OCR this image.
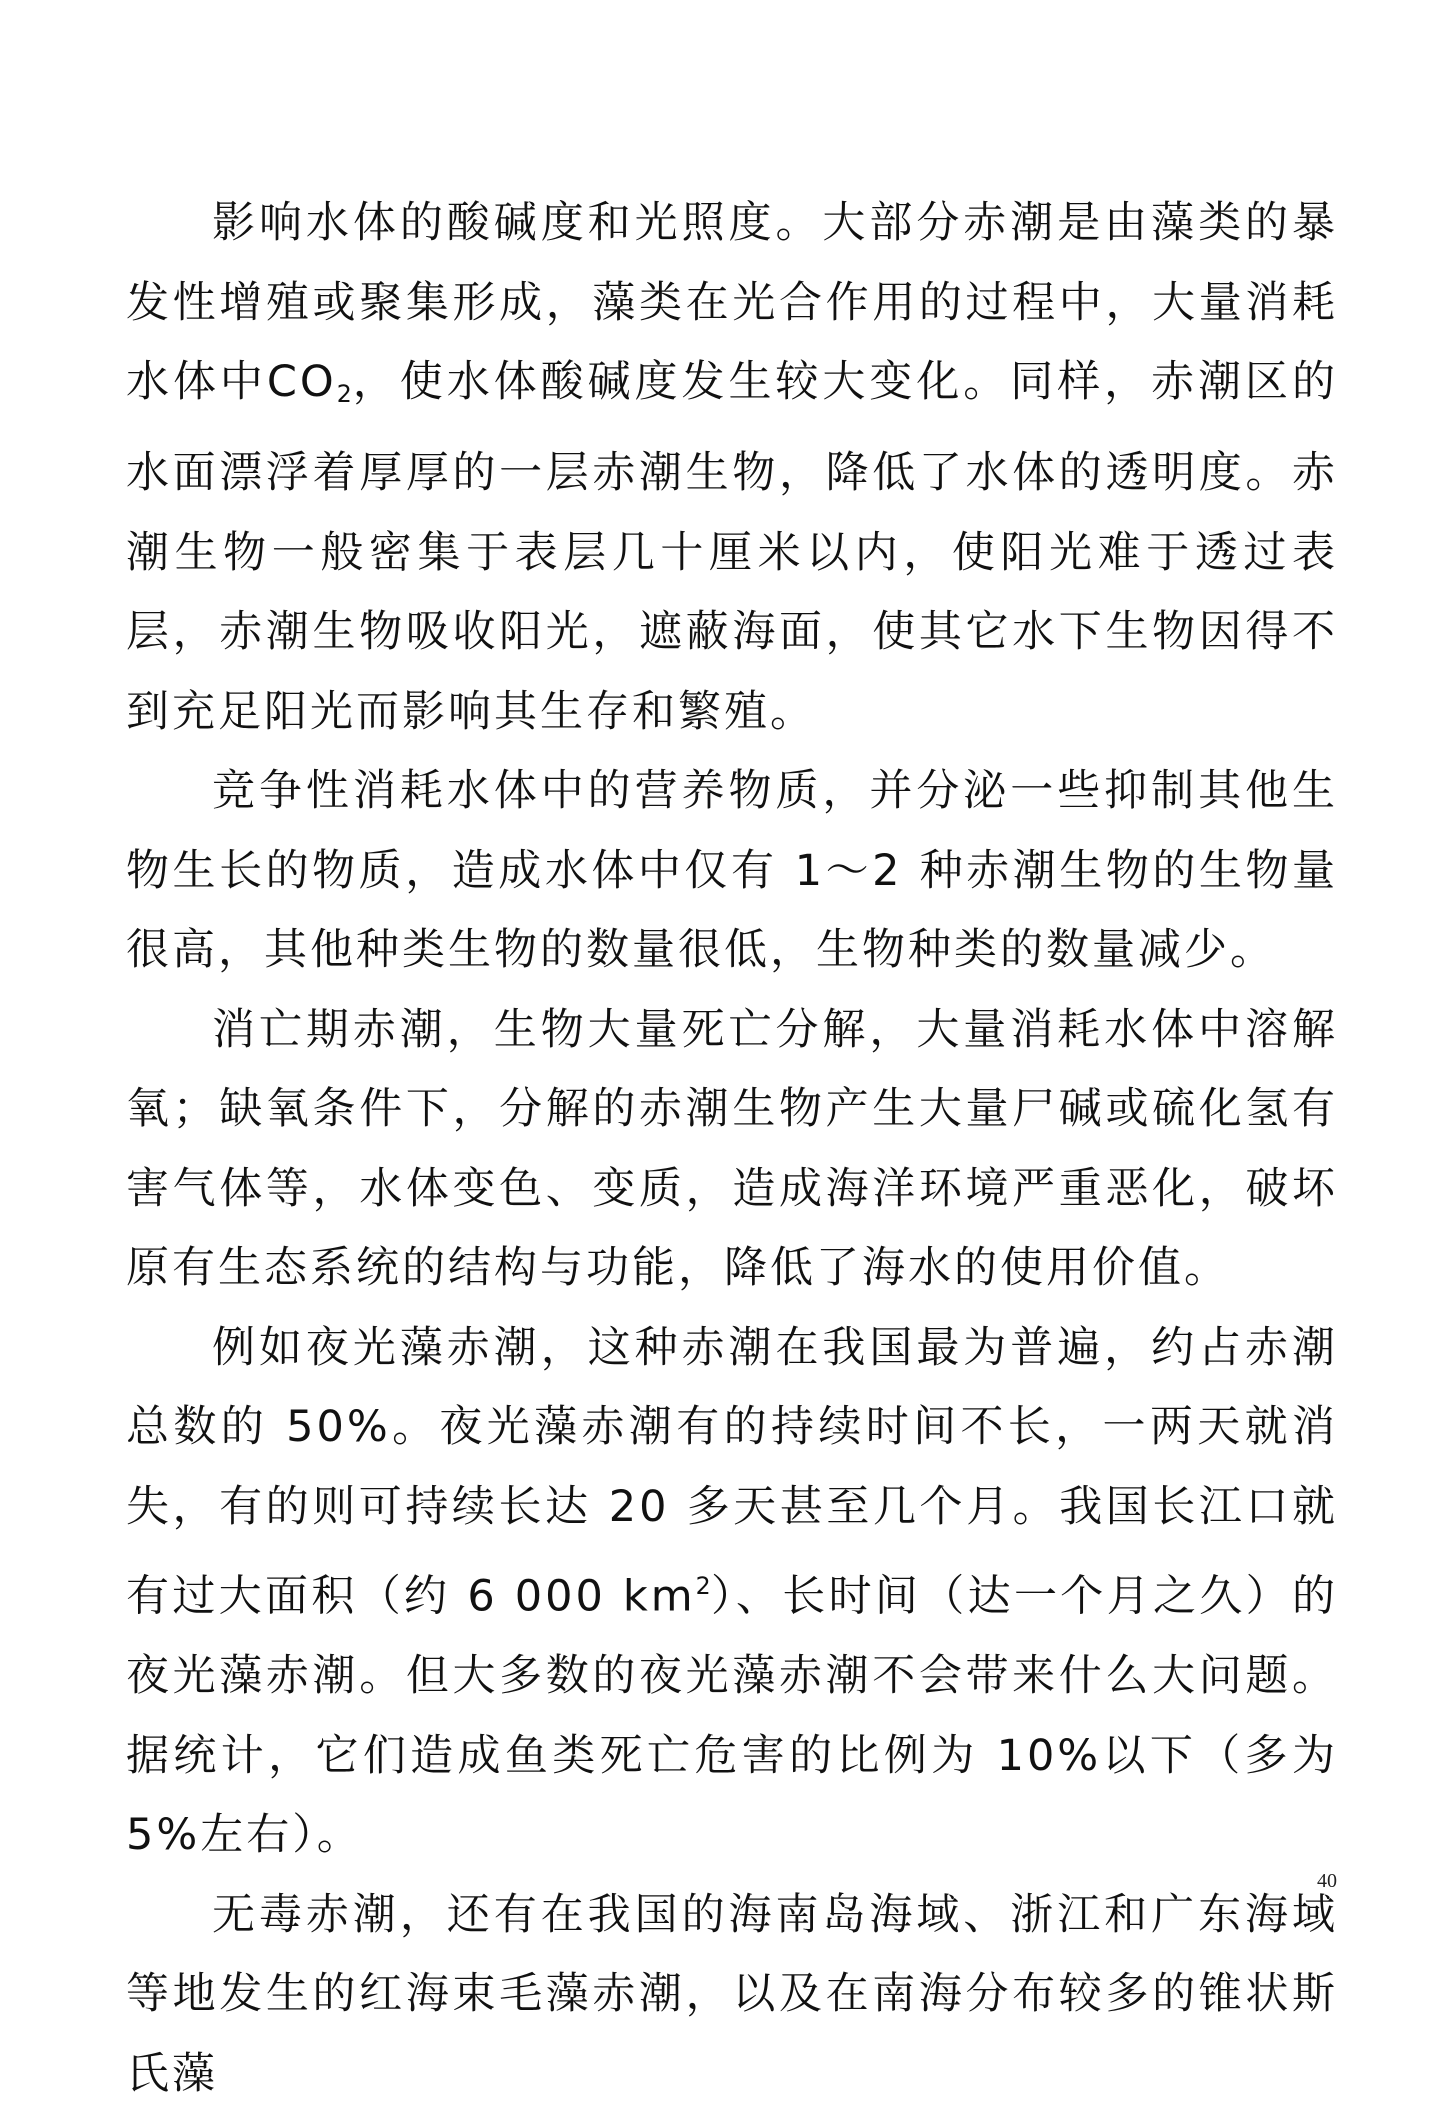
影响水体的酸碱度和光照度。大部分赤潮是由藻类的暴发性增殖或聚集形成，藻类在光合作用的过程中，大量消耗水体中$CO_2$，使水体酸碱度发生较大变化。同样，赤潮区的水面漂浮着厚厚的一层赤潮生物，降低了水体的透明度。赤潮生物一般密集于表层几十厘米以内，使阳光难于透过表层，赤潮生物吸收阳光，遮蔽海面，使其它水下生物因得不到充足阳光而影响其生存和繁殖。

竞争性消耗水体中的营养物质，并分泌一些抑制其他生物生长的物质，造成水体中仅有 1～2 种赤潮生物的生物量很高，其他种类生物的数量很低，生物种类的数量减少。

消亡期赤潮，生物大量死亡分解，大量消耗水体中溶解氧；缺氧条件下，分解的赤潮生物产生大量尸碱或硫化氢有害气体等，水体变色、变质，造成海洋环境严重恶化，破坏原有生态系统的结构与功能，降低了海水的使用价值。

例如夜光藻赤潮，这种赤潮在我国最为普遍，约占赤潮总数的 50%。夜光藻赤潮有的持续时间不长，一两天就消失，有的则可持续长达 20 多天甚至几个月。我国长江口就有过大面积（约 6 000 $km^2$）、长时间（达一个月之久）的夜光藻赤潮。但大多数的夜光藻赤潮不会带来什么大问题。据统计，它们造成鱼类死亡危害的比例为 10%以下（多为 5%左右）。

无毒赤潮，还有在我国的海南岛海域、浙江和广东海域等地发生的红海束毛藻赤潮，以及在南海分布较多的锥状斯氏藻

40
